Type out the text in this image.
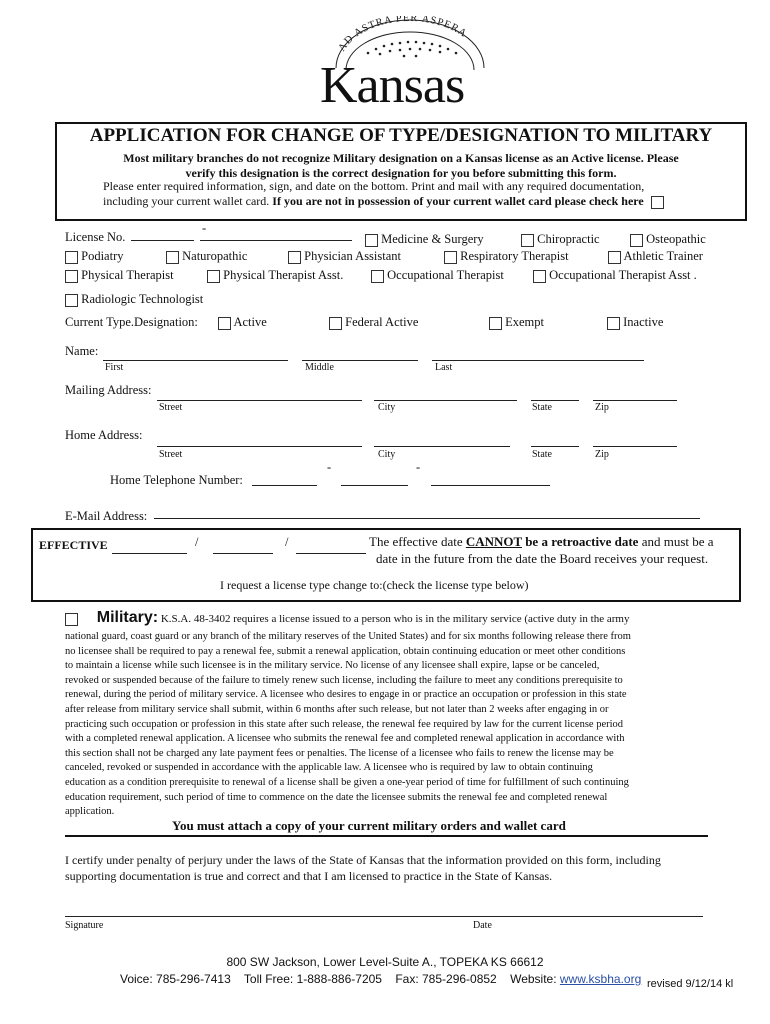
AD ASTRA PER ASPERA
Kansas
APPLICATION FOR CHANGE OF TYPE/DESIGNATION TO MILITARY
Most military branches do not recognize Military designation on a Kansas license as an Active license. Please
verify this designation is the correct designation for you before submitting this form.
Please enter required information, sign, and date on the bottom. Print and mail with any required documentation,
including your current wallet card. If you are not in possession of your current wallet card please check here
License No.
-
Medicine & Surgery	Chiropractic	Osteopathic
Podiatry	Naturopathic	Physician Assistant	Respiratory Therapist	Athletic Trainer
Physical Therapist	Physical Therapist Asst.	Occupational Therapist	Occupational Therapist Asst .
Radiologic Technologist
Current Type.Designation:	Active	Federal Active	Exempt	Inactive
Name:
First	Middle	Last
Mailing Address:
Street	City	State	Zip
Home Address:
Street	City	State	Zip
Home Telephone Number:
-	-
E-Mail Address:
EFFECTIVE	/	/	The effective date CANNOT be a retroactive date and must be a
date in the future from the date the Board receives your request.
I request a license type change to:(check the license type below)
Military: K.S.A. 48-3402 requires a license issued to a person who is in the military service (active duty in the army
national guard, coast guard or any branch of the military reserves of the United States) and for six months following release there from
no licensee shall be required to pay a renewal fee, submit a renewal application, obtain continuing education or meet other conditions
to maintain a license while such licensee is in the military service. No license of any licensee shall expire, lapse or be canceled,
revoked or suspended because of the failure to timely renew such license, including the failure to meet any conditions prerequisite to
renewal, during the period of military service. A licensee who desires to engage in or practice an occupation or profession in this state
after release from military service shall submit, within 6 months after such release, but not later than 2 weeks after engaging in or
practicing such occupation or profession in this state after such release, the renewal fee required by law for the current license period
with a completed renewal application. A licensee who submits the renewal fee and completed renewal application in accordance with
this section shall not be charged any late payment fees or penalties. The license of a licensee who fails to renew the license may be
canceled, revoked or suspended in accordance with the applicable law. A licensee who is required by law to obtain continuing
education as a condition prerequisite to renewal of a license shall be given a one-year period of time for fulfillment of such continuing
education requirement, such period of time to commence on the date the licensee submits the renewal fee and completed renewal
application.
You must attach a copy of your current military orders and wallet card
I certify under penalty of perjury under the laws of the State of Kansas that the information provided on this form, including
supporting documentation is true and correct and that I am licensed to practice in the State of Kansas.
Signature	Date
800 SW Jackson, Lower Level-Suite A., TOPEKA KS 66612
Voice: 785-296-7413 Toll Free: 1-888-886-7205 Fax: 785-296-0852 Website: www.ksbha.org revised 9/12/14 kl
